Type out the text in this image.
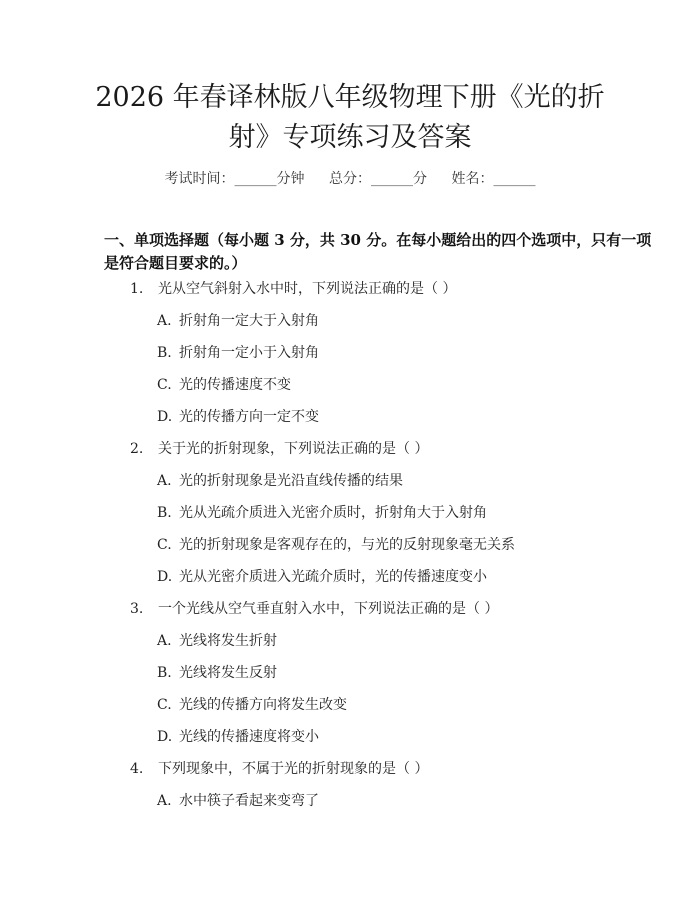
2026 年春译林版八年级物理下册《光的折
射》专项练习及答案
考试时间：______分钟 总分：______分 姓名：______
一、单项选择题（每小题 3 分，共 30 分。在每小题给出的四个选项中，只有一项
是符合题目要求的。）
1. 光从空气斜射入水中时，下列说法正确的是（ ）
A. 折射角一定大于入射角
B. 折射角一定小于入射角
C. 光的传播速度不变
D. 光的传播方向一定不变
2. 关于光的折射现象，下列说法正确的是（ ）
A. 光的折射现象是光沿直线传播的结果
B. 光从光疏介质进入光密介质时，折射角大于入射角
C. 光的折射现象是客观存在的，与光的反射现象毫无关系
D. 光从光密介质进入光疏介质时，光的传播速度变小
3. 一个光线从空气垂直射入水中，下列说法正确的是（ ）
A. 光线将发生折射
B. 光线将发生反射
C. 光线的传播方向将发生改变
D. 光线的传播速度将变小
4. 下列现象中，不属于光的折射现象的是（ ）
A. 水中筷子看起来变弯了
